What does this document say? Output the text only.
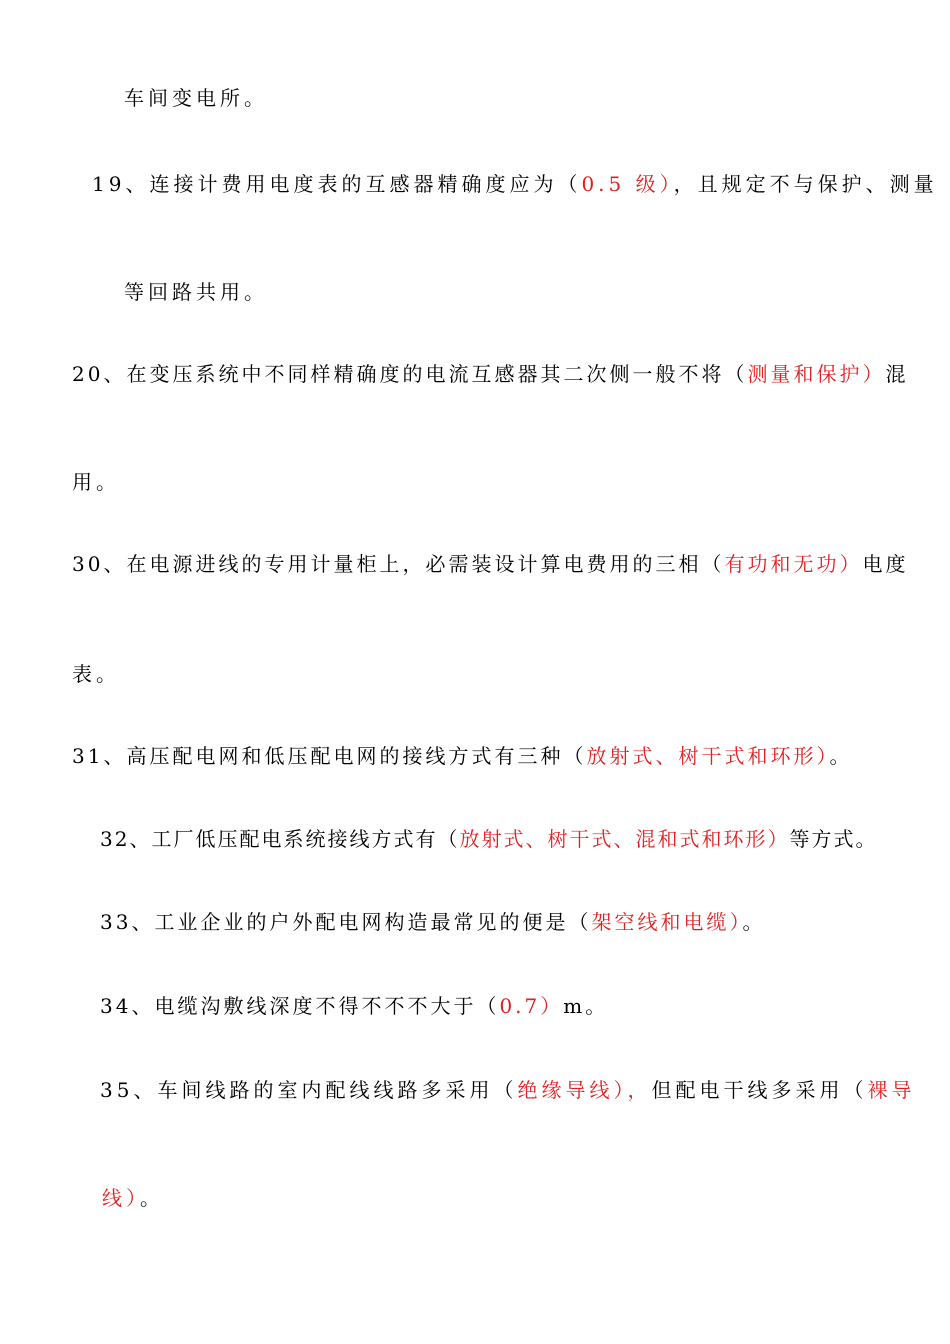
车间变电所。

19、连接计费用电度表的互感器精确度应为（0.5 级），且规定不与保护、测量

等回路共用。

20、在变压系统中不同样精确度的电流互感器其二次侧一般不将（测量和保护）混

用。

30、在电源进线的专用计量柜上，必需装设计算电费用的三相（有功和无功）电度

表。

31、高压配电网和低压配电网的接线方式有三种（放射式、树干式和环形）。

32、工厂低压配电系统接线方式有（放射式、树干式、混和式和环形）等方式。

33、工业企业的户外配电网构造最常见的便是（架空线和电缆）。

34、电缆沟敷线深度不得不不不大于（0.7）m。

35、车间线路的室内配线线路多采用（绝缘导线），但配电干线多采用（裸导

线）。
